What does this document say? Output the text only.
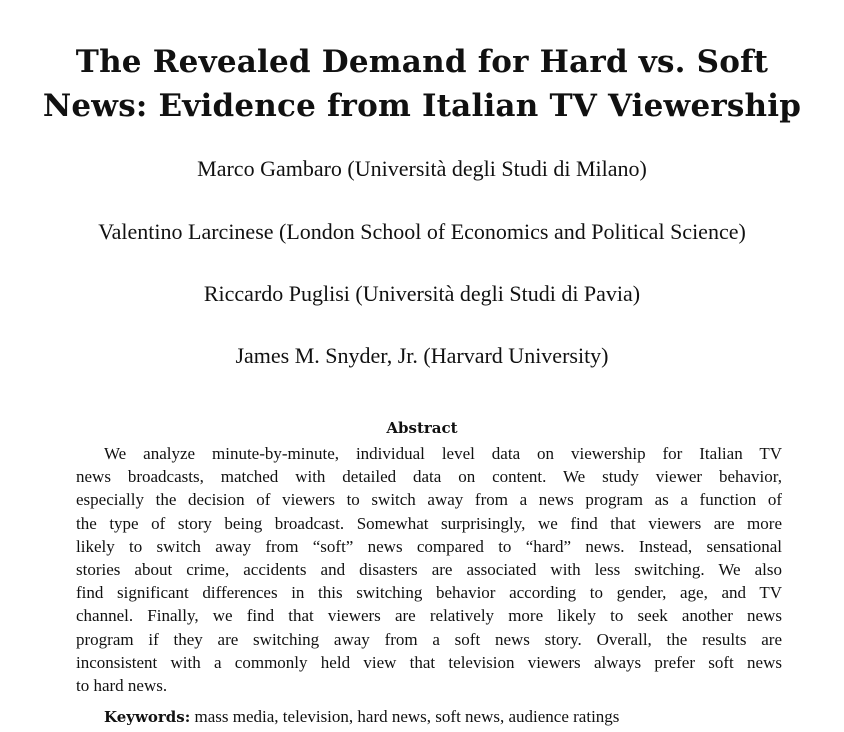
The Revealed Demand for Hard vs. Soft
News: Evidence from Italian TV Viewership
Marco Gambaro (Università degli Studi di Milano)
Valentino Larcinese (London School of Economics and Political Science)
Riccardo Puglisi (Università degli Studi di Pavia)
James M. Snyder, Jr. (Harvard University)
Abstract
We analyze minute-by-minute, individual level data on viewership for Italian TV
news broadcasts, matched with detailed data on content. We study viewer behavior,
especially the decision of viewers to switch away from a news program as a function of
the type of story being broadcast. Somewhat surprisingly, we find that viewers are more
likely to switch away from “soft” news compared to “hard” news. Instead, sensational
stories about crime, accidents and disasters are associated with less switching. We also
find significant differences in this switching behavior according to gender, age, and TV
channel. Finally, we find that viewers are relatively more likely to seek another news
program if they are switching away from a soft news story. Overall, the results are
inconsistent with a commonly held view that television viewers always prefer soft news
to hard news.
Keywords: mass media, television, hard news, soft news, audience ratings
